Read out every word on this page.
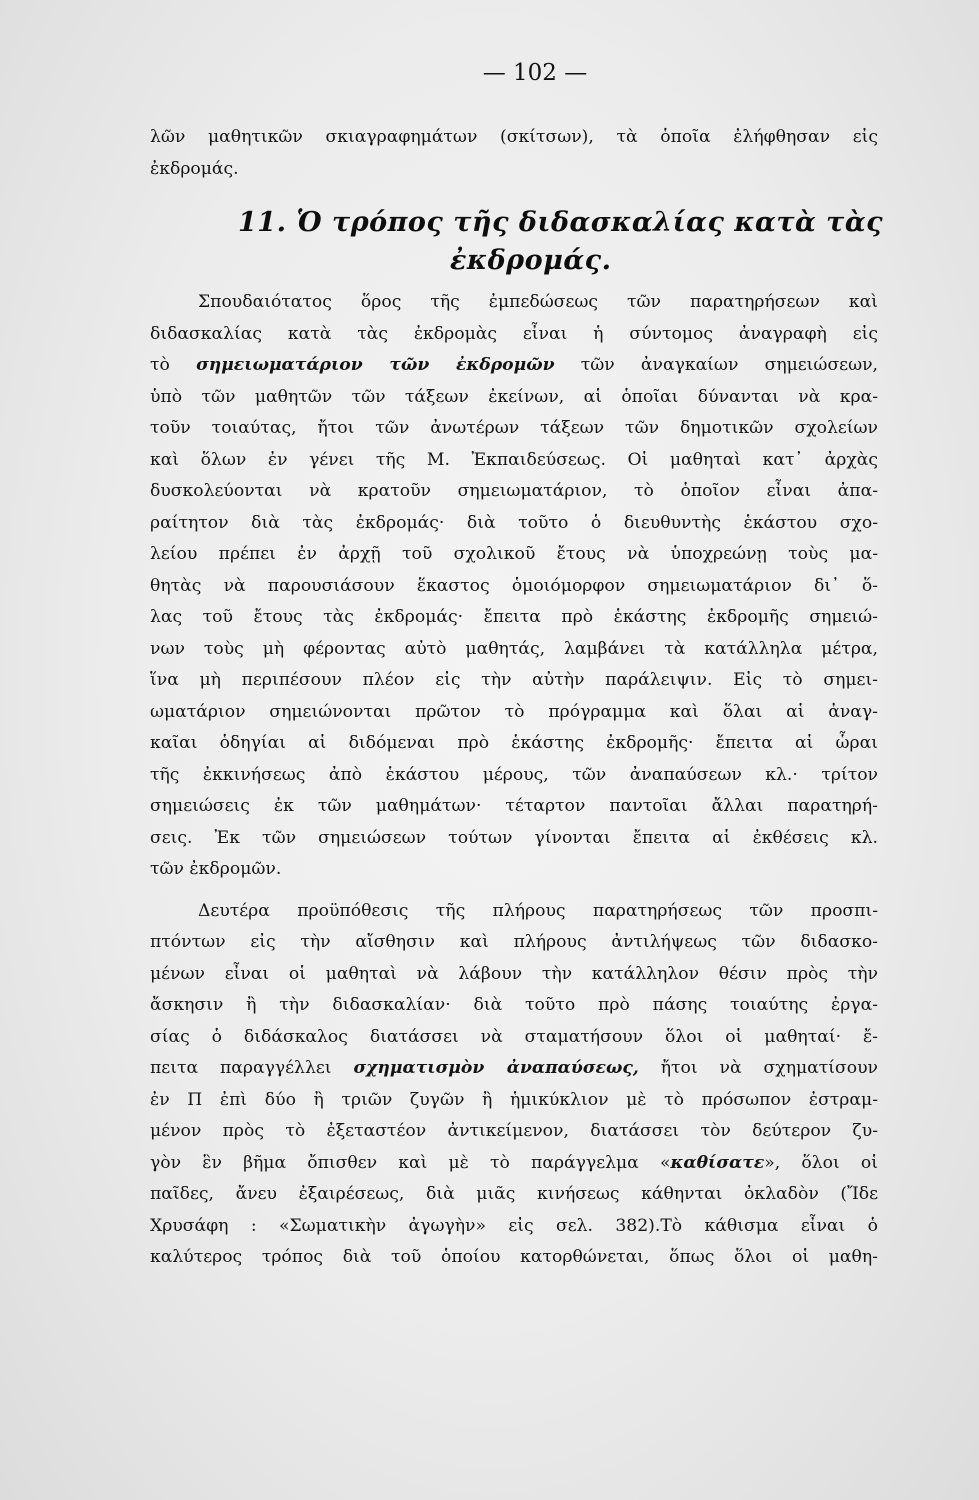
— 102 —
λῶν μαθητικῶν σκιαγραφημάτων (σκίτσων), τὰ ὁποῖα ἐλήφθησαν εἰς
ἐκδρομάς.
11. Ὁ τρόπος τῆς διδασκαλίας κατὰ τὰς
ἐκδρομάς.
Σπουδαιότατος ὅρος τῆς ἐμπεδώσεως τῶν παρατηρήσεων καὶ
διδασκαλίας κατὰ τὰς ἐκδρομὰς εἶναι ἡ σύντομος ἀναγραφὴ εἰς
τὸ σημειωματάριον τῶν ἐκδρομῶν τῶν ἀναγκαίων σημειώσεων,
ὑπὸ τῶν μαθητῶν τῶν τάξεων ἐκείνων, αἱ ὁποῖαι δύνανται νὰ κρα-
τοῦν τοιαύτας, ἤτοι τῶν ἀνωτέρων τάξεων τῶν δημοτικῶν σχολείων
καὶ ὅλων ἐν γένει τῆς Μ. Ἐκπαιδεύσεως. Οἱ μαθηταὶ κατ᾽ ἀρχὰς
δυσκολεύονται νὰ κρατοῦν σημειωματάριον, τὸ ὁποῖον εἶναι ἀπα-
ραίτητον διὰ τὰς ἐκδρομάς· διὰ τοῦτο ὁ διευθυντὴς ἑκάστου σχο-
λείου πρέπει ἐν ἀρχῇ τοῦ σχολικοῦ ἔτους νὰ ὑποχρεώνῃ τοὺς μα-
θητὰς νὰ παρουσιάσουν ἕκαστος ὁμοιόμορφον σημειωματάριον δι᾽ ὅ-
λας τοῦ ἔτους τὰς ἐκδρομάς· ἔπειτα πρὸ ἑκάστης ἐκδρομῆς σημειώ-
νων τοὺς μὴ φέροντας αὐτὸ μαθητάς, λαμβάνει τὰ κατάλληλα μέτρα,
ἵνα μὴ περιπέσουν πλέον εἰς τὴν αὐτὴν παράλειψιν. Εἰς τὸ σημει-
ωματάριον σημειώνονται πρῶτον τὸ πρόγραμμα καὶ ὅλαι αἱ ἀναγ-
καῖαι ὁδηγίαι αἱ διδόμεναι πρὸ ἑκάστης ἐκδρομῆς· ἔπειτα αἱ ὧραι
τῆς ἐκκινήσεως ἀπὸ ἑκάστου μέρους, τῶν ἀναπαύσεων κλ.· τρίτον
σημειώσεις ἐκ τῶν μαθημάτων· τέταρτον παντοῖαι ἄλλαι παρατηρή-
σεις. Ἐκ τῶν σημειώσεων τούτων γίνονται ἔπειτα αἱ ἐκθέσεις κλ.
τῶν ἐκδρομῶν.
Δευτέρα προϋπόθεσις τῆς πλήρους παρατηρήσεως τῶν προσπι-
πτόντων εἰς τὴν αἴσθησιν καὶ πλήρους ἀντιλήψεως τῶν διδασκο-
μένων εἶναι οἱ μαθηταὶ νὰ λάβουν τὴν κατάλληλον θέσιν πρὸς τὴν
ἄσκησιν ἢ τὴν διδασκαλίαν· διὰ τοῦτο πρὸ πάσης τοιαύτης ἐργα-
σίας ὁ διδάσκαλος διατάσσει νὰ σταματήσουν ὅλοι οἱ μαθηταί· ἔ-
πειτα παραγγέλλει σχηματισμὸν ἀναπαύσεως, ἤτοι νὰ σχηματίσουν
ἐν Π ἐπὶ δύο ἢ τριῶν ζυγῶν ἢ ἡμικύκλιον μὲ τὸ πρόσωπον ἐστραμ-
μένον πρὸς τὸ ἐξεταστέον ἀντικείμενον, διατάσσει τὸν δεύτερον ζυ-
γὸν ἓν βῆμα ὄπισθεν καὶ μὲ τὸ παράγγελμα «καθίσατε», ὅλοι οἱ
παῖδες, ἄνευ ἐξαιρέσεως, διὰ μιᾶς κινήσεως κάθηνται ὀκλαδὸν (Ἴδε
Χρυσάφη : «Σωματικὴν ἀγωγὴν» εἰς σελ. 382).Τὸ κάθισμα εἶναι ὁ
καλύτερος τρόπος διὰ τοῦ ὁποίου κατορθώνεται, ὅπως ὅλοι οἱ μαθη-
